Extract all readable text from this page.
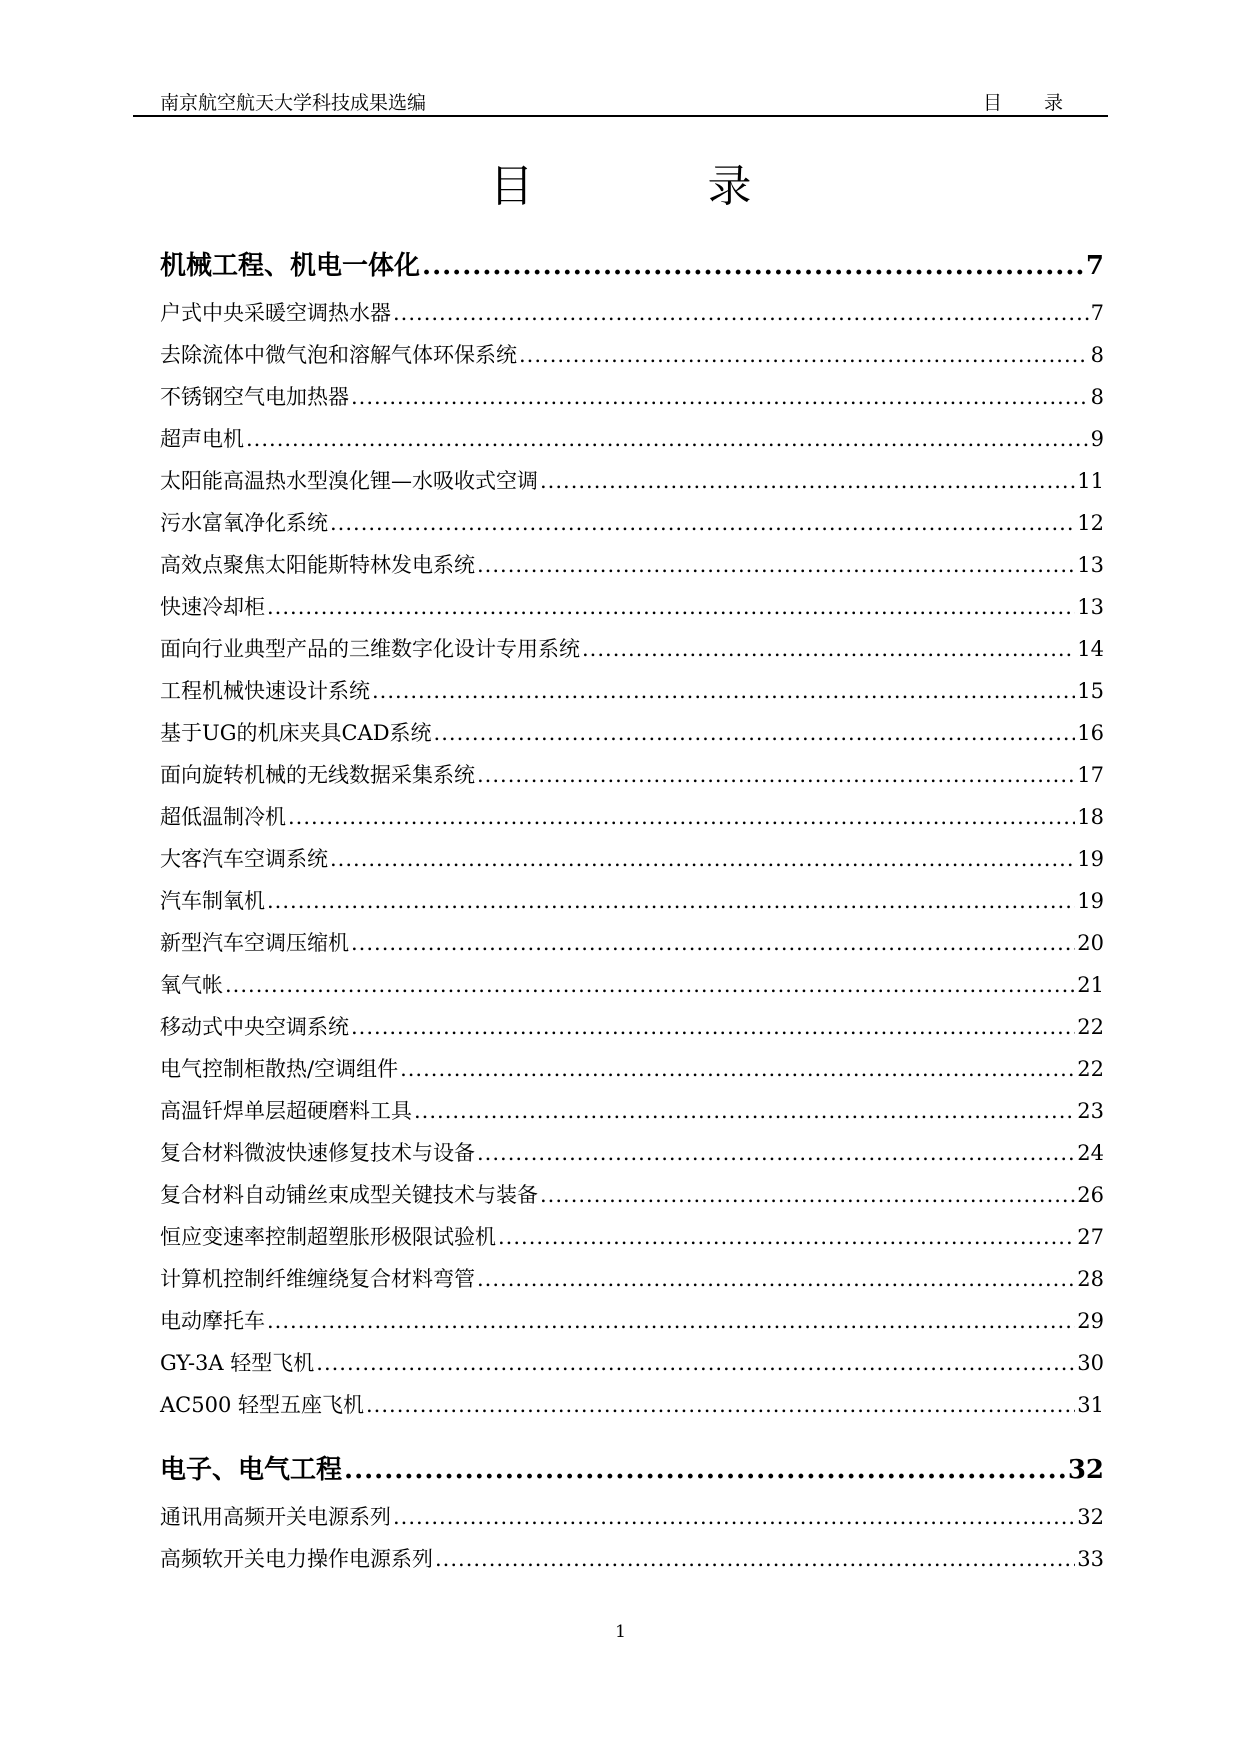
南京航空航天大学科技成果选编	目 录
目 录
机械工程、机电一体化 .....	7
户式中央采暖空调热水器 .....	7
去除流体中微气泡和溶解气体环保系统 .....	8
不锈钢空气电加热器 .....	8
超声电机 .....	9
太阳能高温热水型溴化锂—水吸收式空调 .....	11
污水富氧净化系统 .....	12
高效点聚焦太阳能斯特林发电系统 .....	13
快速冷却柜 .....	13
面向行业典型产品的三维数字化设计专用系统 .....	14
工程机械快速设计系统 .....	15
基于UG的机床夹具CAD系统 .....	16
面向旋转机械的无线数据采集系统 .....	17
超低温制冷机 .....	18
大客汽车空调系统 .....	19
汽车制氧机 .....	19
新型汽车空调压缩机 .....	20
氧气帐 .....	21
移动式中央空调系统 .....	22
电气控制柜散热/空调组件 .....	22
高温钎焊单层超硬磨料工具 .....	23
复合材料微波快速修复技术与设备 .....	24
复合材料自动铺丝束成型关键技术与装备 .....	26
恒应变速率控制超塑胀形极限试验机 .....	27
计算机控制纤维缠绕复合材料弯管 .....	28
电动摩托车 .....	29
GY-3A 轻型飞机 .....	30
AC500 轻型五座飞机 .....	31
电子、电气工程 .....	32
通讯用高频开关电源系列 .....	32
高频软开关电力操作电源系列 .....	33
1
